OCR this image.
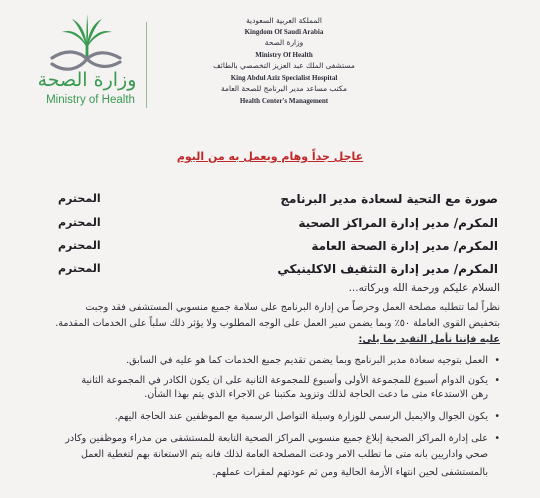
وزارة الصحة
Ministry of Health
المملكة العربية السعودية
Kingdom Of Saudi Arabia
وزارة الصحة
Ministry Of Health
مستشفى الملك عبد العزيز التخصصي بالطائف
King Abdul Aziz Specialist Hospital
مكتب مساعد مدير البرنامج للصحة العامة
Health Center's Management
عاجل جداً وهام ويعمل به من اليوم
صورة مع التحية لسعادة مدير البرنامج
المحترم
المكرم/ مدير إدارة المراكز الصحية
المحترم
المكرم/ مدير إدارة الصحة العامة
المحترم
المكرم/ مدير إدارة التثقيف الاكلينيكي
المحترم
السلام عليكم ورحمة الله وبركاته...
نظراً لما تتطلبه مصلحة العمل وحرصاً من إدارة البرنامج على سلامة جميع منسوبي المستشفى فقد وجبت
بتخفيض القوى العاملة ٥٠٪ وبما يضمن سير العمل على الوجه المطلوب ولا يؤثر ذلك سلباً على الخدمات المقدمة.
عليه فإننا نأمل التقيد بما يلي:
•
العمل بتوجيه سعادة مدير البرنامج وبما يضمن تقديم جميع الخدمات كما هو عليه في السابق.
•
يكون الدوام أسبوع للمجموعة الأولى وأسبوع للمجموعة الثانية على ان يكون الكادر في المجموعة الثانية
رهن الاستدعاء متى ما دعت الحاجة لذلك وتزويد مكتبنا عن الاجراء الذي يتم بهذا الشأن.
•
يكون الجوال والايميل الرسمي للوزارة وسيلة التواصل الرسمية مع الموظفين عند الحاجة اليهم.
•
على إدارة المراكز الصحية إبلاغ جميع منسوبي المراكز الصحية التابعة للمستشفى من مدراء وموظفين وكادر
صحي واداريين بانه متى ما تطلب الامر ودعت المصلحة العامة لذلك فانه يتم الاستعانة بهم لتغطية العمل
بالمستشفى لحين انتهاء الأزمة الحالية ومن ثم عودتهم لمقرات عملهم.
